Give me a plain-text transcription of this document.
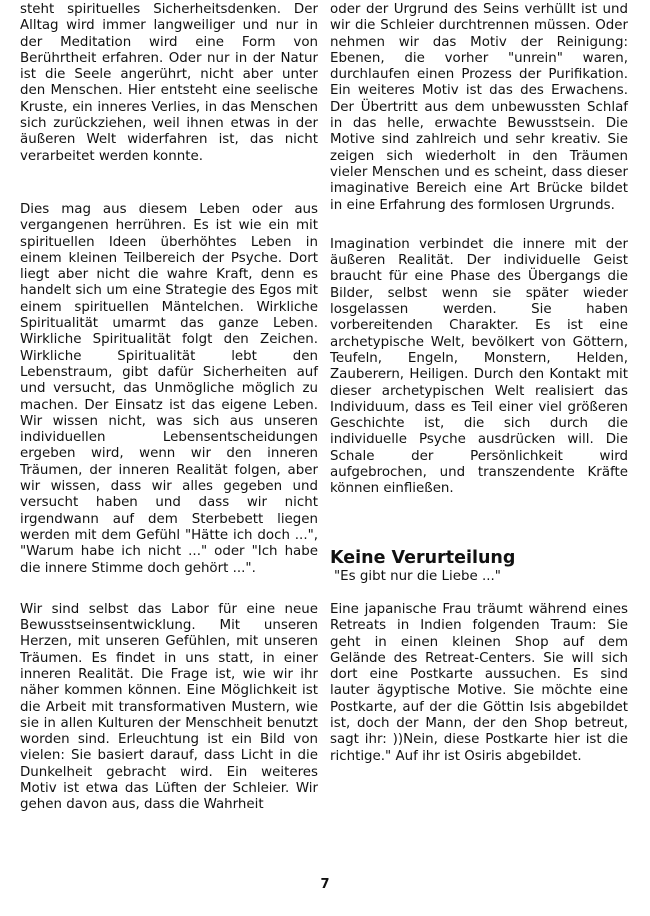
steht spirituelles Sicherheitsdenken. Der Alltag wird immer langweiliger und nur in der Meditation wird eine Form von Berührtheit erfahren. Oder nur in der Natur ist die Seele angerührt, nicht aber unter den Menschen. Hier entsteht eine seelische Kruste, ein inneres Verlies, in das Menschen sich zurückziehen, weil ihnen etwas in der äußeren Welt widerfahren ist, das nicht verarbeitet werden konnte.

Dies mag aus diesem Leben oder aus vergangenen herrühren. Es ist wie ein mit spirituellen Ideen überhöhtes Leben in einem kleinen Teilbereich der Psyche. Dort liegt aber nicht die wahre Kraft, denn es handelt sich um eine Strategie des Egos mit einem spirituellen Mäntelchen. Wirkliche Spiritualität umarmt das ganze Leben. Wirkliche Spiritualität folgt den Zeichen. Wirkliche Spiritualität lebt den Lebenstraum, gibt dafür Sicherheiten auf und versucht, das Unmögliche möglich zu machen. Der Einsatz ist das eigene Leben. Wir wissen nicht, was sich aus unseren individuellen Lebensentscheidungen ergeben wird, wenn wir den inneren Träumen, der inneren Realität folgen, aber wir wissen, dass wir alles gegeben und versucht haben und dass wir nicht irgendwann auf dem Sterbebett liegen werden mit dem Gefühl "Hätte ich doch ...", "Warum habe ich nicht ..." oder "Ich habe die innere Stimme doch gehört ...".

Wir sind selbst das Labor für eine neue Bewusstseinsentwicklung. Mit unseren Herzen, mit unseren Gefühlen, mit unseren Träumen. Es findet in uns statt, in einer inneren Realität. Die Frage ist, wie wir ihr näher kommen können. Eine Möglichkeit ist die Arbeit mit transformativen Mustern, wie sie in allen Kulturen der Menschheit benutzt worden sind. Erleuchtung ist ein Bild von vielen: Sie basiert darauf, dass Licht in die Dunkelheit gebracht wird. Ein weiteres Motiv ist etwa das Lüften der Schleier. Wir gehen davon aus, dass die Wahrheit

oder der Urgrund des Seins verhüllt ist und wir die Schleier durchtrennen müssen. Oder nehmen wir das Motiv der Reinigung: Ebenen, die vorher "unrein" waren, durchlaufen einen Prozess der Purifikation. Ein weiteres Motiv ist das des Erwachens. Der Übertritt aus dem unbewussten Schlaf in das helle, erwachte Bewusstsein. Die Motive sind zahlreich und sehr kreativ. Sie zeigen sich wiederholt in den Träumen vieler Menschen und es scheint, dass dieser imaginative Bereich eine Art Brücke bildet in eine Erfahrung des formlosen Urgrunds.

Imagination verbindet die innere mit der äußeren Realität. Der individuelle Geist braucht für eine Phase des Übergangs die Bilder, selbst wenn sie später wieder losgelassen werden. Sie haben vorbereitenden Charakter. Es ist eine archetypische Welt, bevölkert von Göttern, Teufeln, Engeln, Monstern, Helden, Zauberern, Heiligen. Durch den Kontakt mit dieser archetypischen Welt realisiert das Individuum, dass es Teil einer viel größeren Geschichte ist, die sich durch die individuelle Psyche ausdrücken will. Die Schale der Persönlichkeit wird aufgebrochen, und transzendente Kräfte können einfließen.

Keine Verurteilung

"Es gibt nur die Liebe ..."

Eine japanische Frau träumt während eines Retreats in Indien folgenden Traum: Sie geht in einen kleinen Shop auf dem Gelände des Retreat-Centers. Sie will sich dort eine Postkarte aussuchen. Es sind lauter ägyptische Motive. Sie möchte eine Postkarte, auf der die Göttin Isis abgebildet ist, doch der Mann, der den Shop betreut, sagt ihr: ))Nein, diese Postkarte hier ist die richtige." Auf ihr ist Osiris abgebildet.

7
